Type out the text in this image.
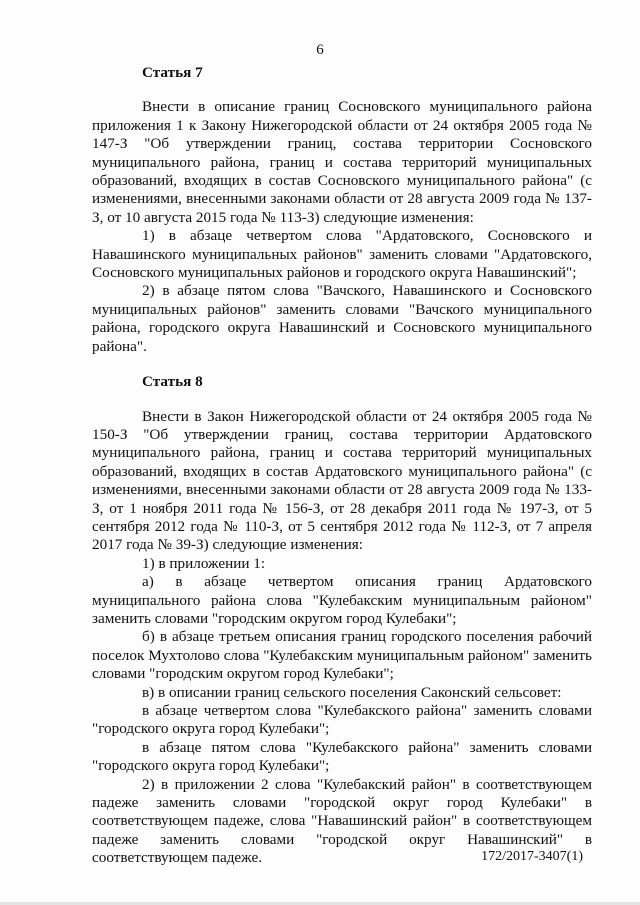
6
Статья 7

Внести в описание границ Сосновского муниципального района приложения 1 к Закону Нижегородской области от 24 октября 2005 года № 147-З "Об утверждении границ, состава территории Сосновского муниципального района, границ и состава территорий муниципальных образований, входящих в состав Сосновского муниципального района" (с изменениями, внесенными законами области от 28 августа 2009 года № 137-З, от 10 августа 2015 года № 113-З) следующие изменения:

1) в абзаце четвертом слова "Ардатовского, Сосновского и Навашинского муниципальных районов" заменить словами "Ардатовского, Сосновского муниципальных районов и городского округа Навашинский";

2) в абзаце пятом слова "Вачского, Навашинского и Сосновского муниципальных районов" заменить словами "Вачского муниципального района, городского округа Навашинский и Сосновского муниципального района".

Статья 8

Внести в Закон Нижегородской области от 24 октября 2005 года № 150-З "Об утверждении границ, состава территории Ардатовского муниципального района, границ и состава территорий муниципальных образований, входящих в состав Ардатовского муниципального района" (с изменениями, внесенными законами области от 28 августа 2009 года № 133-З, от 1 ноября 2011 года № 156-З, от 28 декабря 2011 года № 197-З, от 5 сентября 2012 года № 110-З, от 5 сентября 2012 года № 112-З, от 7 апреля 2017 года № 39-З) следующие изменения:

1) в приложении 1:

а) в абзаце четвертом описания границ Ардатовского муниципального района слова "Кулебакским муниципальным районом" заменить словами "городским округом город Кулебаки";

б) в абзаце третьем описания границ городского поселения рабочий поселок Мухтолово слова "Кулебакским муниципальным районом" заменить словами "городским округом город Кулебаки";

в) в описании границ сельского поселения Саконский сельсовет:

в абзаце четвертом слова "Кулебакского района" заменить словами "городского округа город Кулебаки";

в абзаце пятом слова "Кулебакского района" заменить словами "городского округа город Кулебаки";

2) в приложении 2 слова "Кулебакский район" в соответствующем падеже заменить словами "городской округ город Кулебаки" в соответствующем падеже, слова "Навашинский район" в соответствующем падеже заменить словами "городской округ Навашинский" в соответствующем падеже.	172/2017-3407(1)
